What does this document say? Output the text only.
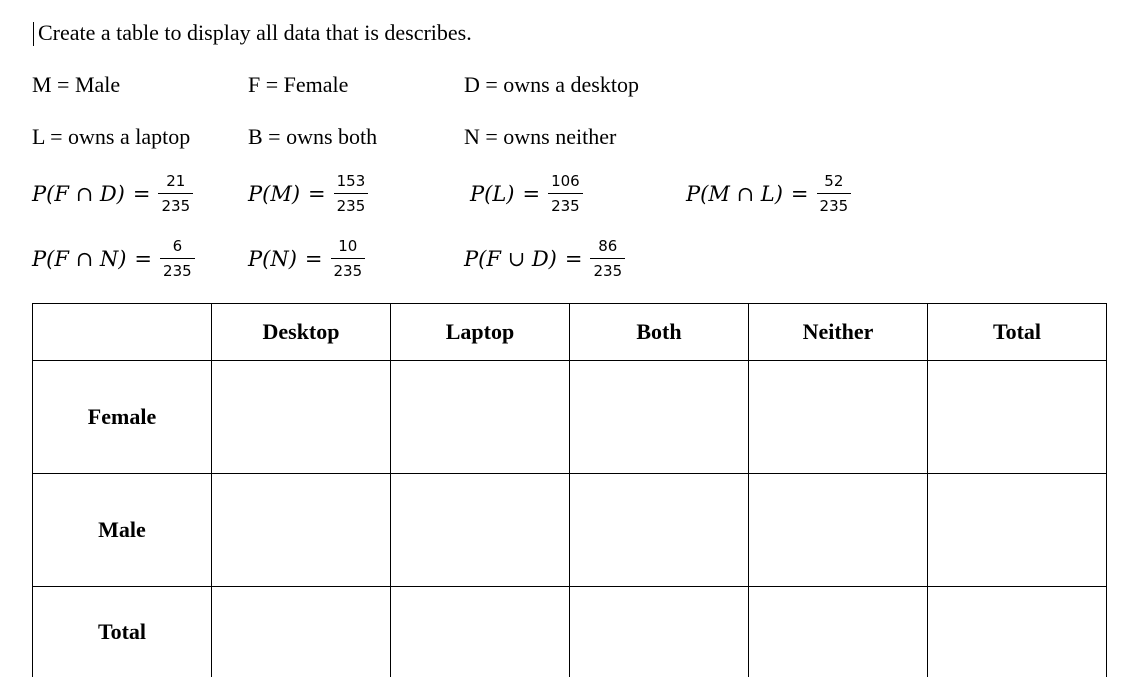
Create a table to display all data that is describes.
M = Male	F = Female	D = owns a desktop
L = owns a laptop	B = owns both	N = owns neither
P(F ∩ $D) = \frac{21}{235}$	$P(M) = \frac{153}{235}$	$P(L) = \frac{106}{235}$	P(M ∩ $L) = \frac{52}{235}$
P(F ∩ $N) = \frac{6}{235}$	$P(N) = \frac{10}{235}$	P(F ∪ $D) = \frac{86}{235}$
	Desktop	Laptop	Both	Neither	Total
Female					
Male					
Total					
